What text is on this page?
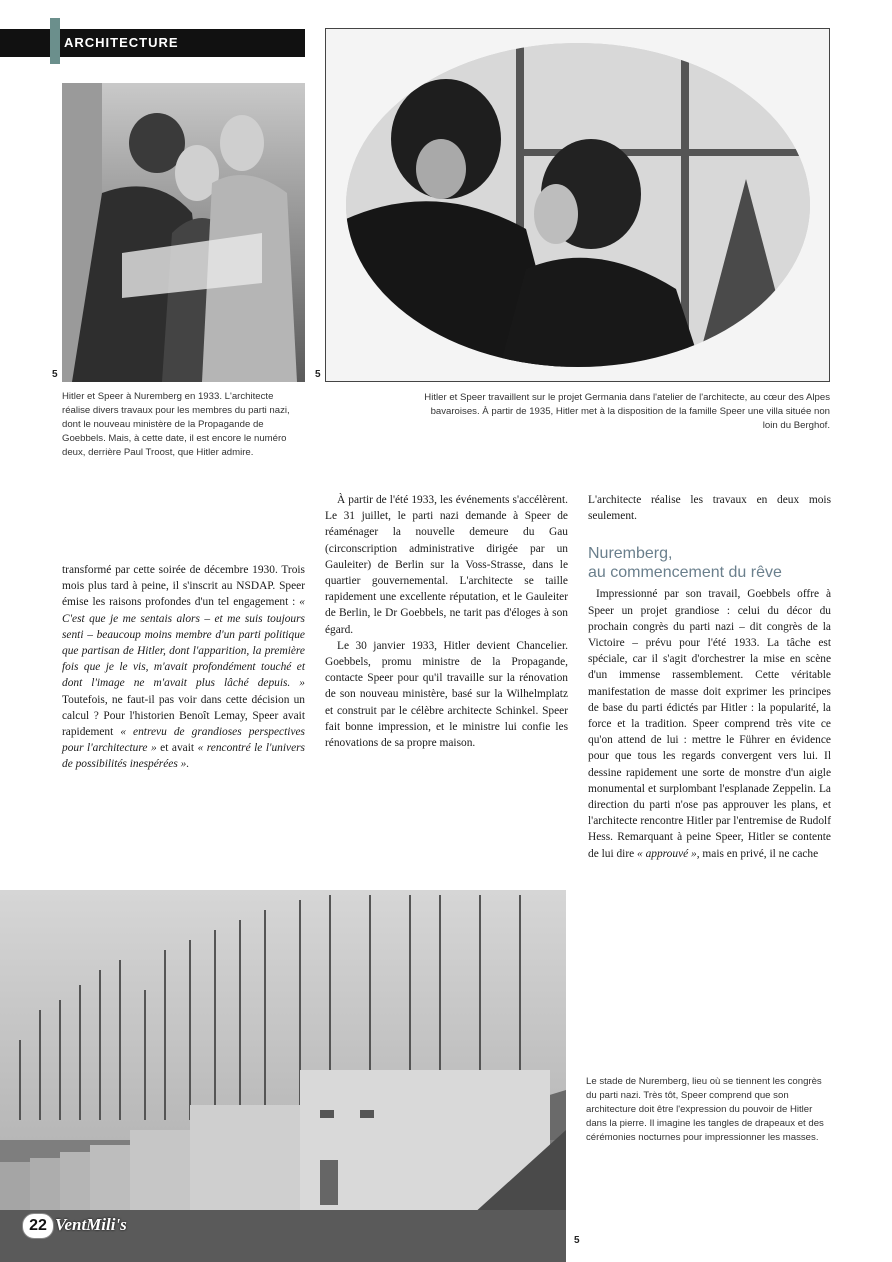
ARCHITECTURE
5	5
Hitler et Speer à Nuremberg en 1933. L'architecte réalise divers travaux pour les membres du parti nazi, dont le nouveau ministère de la Propagande de Goebbels. Mais, à cette date, il est encore le numéro deux, derrière Paul Troost, que Hitler admire.
Hitler et Speer travaillent sur le projet Germania dans l'atelier de l'architecte, au cœur des Alpes bavaroises. À partir de 1935, Hitler met à la disposition de la famille Speer une villa située non loin du Berghof.

transformé par cette soirée de décembre 1930. Trois mois plus tard à peine, il s'inscrit au NSDAP. Speer émise les raisons profondes d'un tel engagement : « C'est que je me sentais alors – et me suis toujours senti – beaucoup moins membre d'un parti politique que partisan de Hitler, dont l'apparition, la première fois que je le vis, m'avait profondément touché et dont l'image ne m'avait plus lâché depuis. » Toutefois, ne faut-il pas voir dans cette décision un calcul ? Pour l'historien Benoît Lemay, Speer avait rapidement « entrevu de grandioses perspectives pour l'architecture » et avait « rencontré le l'univers de possibilités inespérées ».

À partir de l'été 1933, les événements s'accélèrent. Le 31 juillet, le parti nazi demande à Speer de réaménager la nouvelle demeure du Gau (circonscription administrative dirigée par un Gauleiter) de Berlin sur la Voss-Strasse, dans le quartier gouvernemental. L'architecte se taille rapidement une excellente réputation, et le Gauleiter de Berlin, le Dr Goebbels, ne tarit pas d'éloges à son égard.

Le 30 janvier 1933, Hitler devient Chancelier. Goebbels, promu ministre de la Propagande, contacte Speer pour qu'il travaille sur la rénovation de son nouveau ministère, basé sur la Wilhelmplatz et construit par le célèbre architecte Schinkel. Speer fait bonne impression, et le ministre lui confie les rénovations de sa propre maison.

L'architecte réalise les travaux en deux mois seulement.

Nuremberg,
au commencement du rêve

Impressionné par son travail, Goebbels offre à Speer un projet grandiose : celui du décor du prochain congrès du parti nazi – dit congrès de la Victoire – prévu pour l'été 1933. La tâche est spéciale, car il s'agit d'orchestrer la mise en scène d'un immense rassemblement. Cette véritable manifestation de masse doit exprimer les principes de base du parti édictés par Hitler : la popularité, la force et la tradition. Speer comprend très vite ce qu'on attend de lui : mettre le Führer en évidence pour que tous les regards convergent vers lui. Il dessine rapidement une sorte de monstre d'un aigle monumental et surplombant l'esplanade Zeppelin. La direction du parti n'ose pas approuver les plans, et l'architecte rencontre Hitler par l'entremise de Rudolf Hess. Remarquant à peine Speer, Hitler se contente de lui dire « approuvé », mais en privé, il ne cache

5
Le stade de Nuremberg, lieu où se tiennent les congrès du parti nazi. Très tôt, Speer comprend que son architecture doit être l'expression du pouvoir de Hitler dans la pierre. Il imagine les tangles de drapeaux et des cérémonies nocturnes pour impressionner les masses.
22 VentMili's
